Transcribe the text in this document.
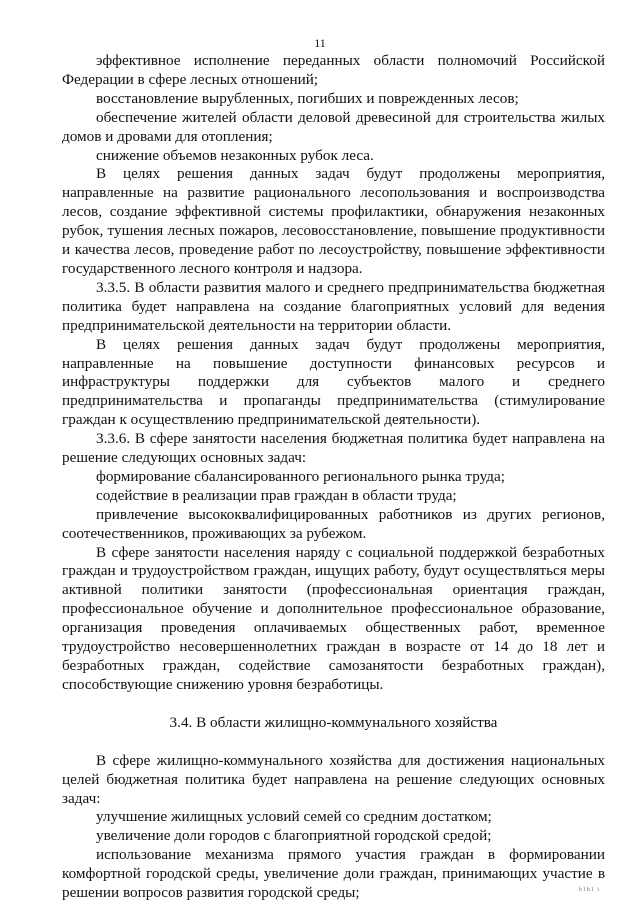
11

эффективное исполнение переданных области полномочий Российской Федерации в сфере лесных отношений;

восстановление вырубленных, погибших и поврежденных лесов;

обеспечение жителей области деловой древесиной для строительства жилых домов и дровами для отопления;

снижение объемов незаконных рубок леса.

В целях решения данных задач будут продолжены мероприятия, направленные на развитие рационального лесопользования и воспроизводства лесов, создание эффективной системы профилактики, обнаружения незаконных рубок, тушения лесных пожаров, лесовосстановление, повышение продуктивности и качества лесов, проведение работ по лесоустройству, повышение эффективности государственного лесного контроля и надзора.

3.3.5. В области развития малого и среднего предпринимательства бюджетная политика будет направлена на создание благоприятных условий для ведения предпринимательской деятельности на территории области.

В целях решения данных задач будут продолжены мероприятия, направленные на повышение доступности финансовых ресурсов и инфраструктуры поддержки для субъектов малого и среднего предпринимательства и пропаганды предпринимательства (стимулирование граждан к осуществлению предпринимательской деятельности).

3.3.6. В сфере занятости населения бюджетная политика будет направлена на решение следующих основных задач:

формирование сбалансированного регионального рынка труда;

содействие в реализации прав граждан в области труда;

привлечение высококвалифицированных работников из других регионов, соотечественников, проживающих за рубежом.

В сфере занятости населения наряду с социальной поддержкой безработных граждан и трудоустройством граждан, ищущих работу, будут осуществляться меры активной политики занятости (профессиональная ориентация граждан, профессиональное обучение и дополнительное профессиональное образование, организация проведения оплачиваемых общественных работ, временное трудоустройство несовершеннолетних граждан в возрасте от 14 до 18 лет и безработных граждан, содействие самозанятости безработных граждан), способствующие снижению уровня безработицы.

3.4. В области жилищно-коммунального хозяйства

В сфере жилищно-коммунального хозяйства для достижения национальных целей бюджетная политика будет направлена на решение следующих основных задач:

улучшение жилищных условий семей со средним достатком;

увеличение доли городов с благоприятной городской средой;

использование механизма прямого участия граждан в формировании комфортной городской среды, увеличение доли граждан, принимающих участие в решении вопросов развития городской среды;	h1h1 i
